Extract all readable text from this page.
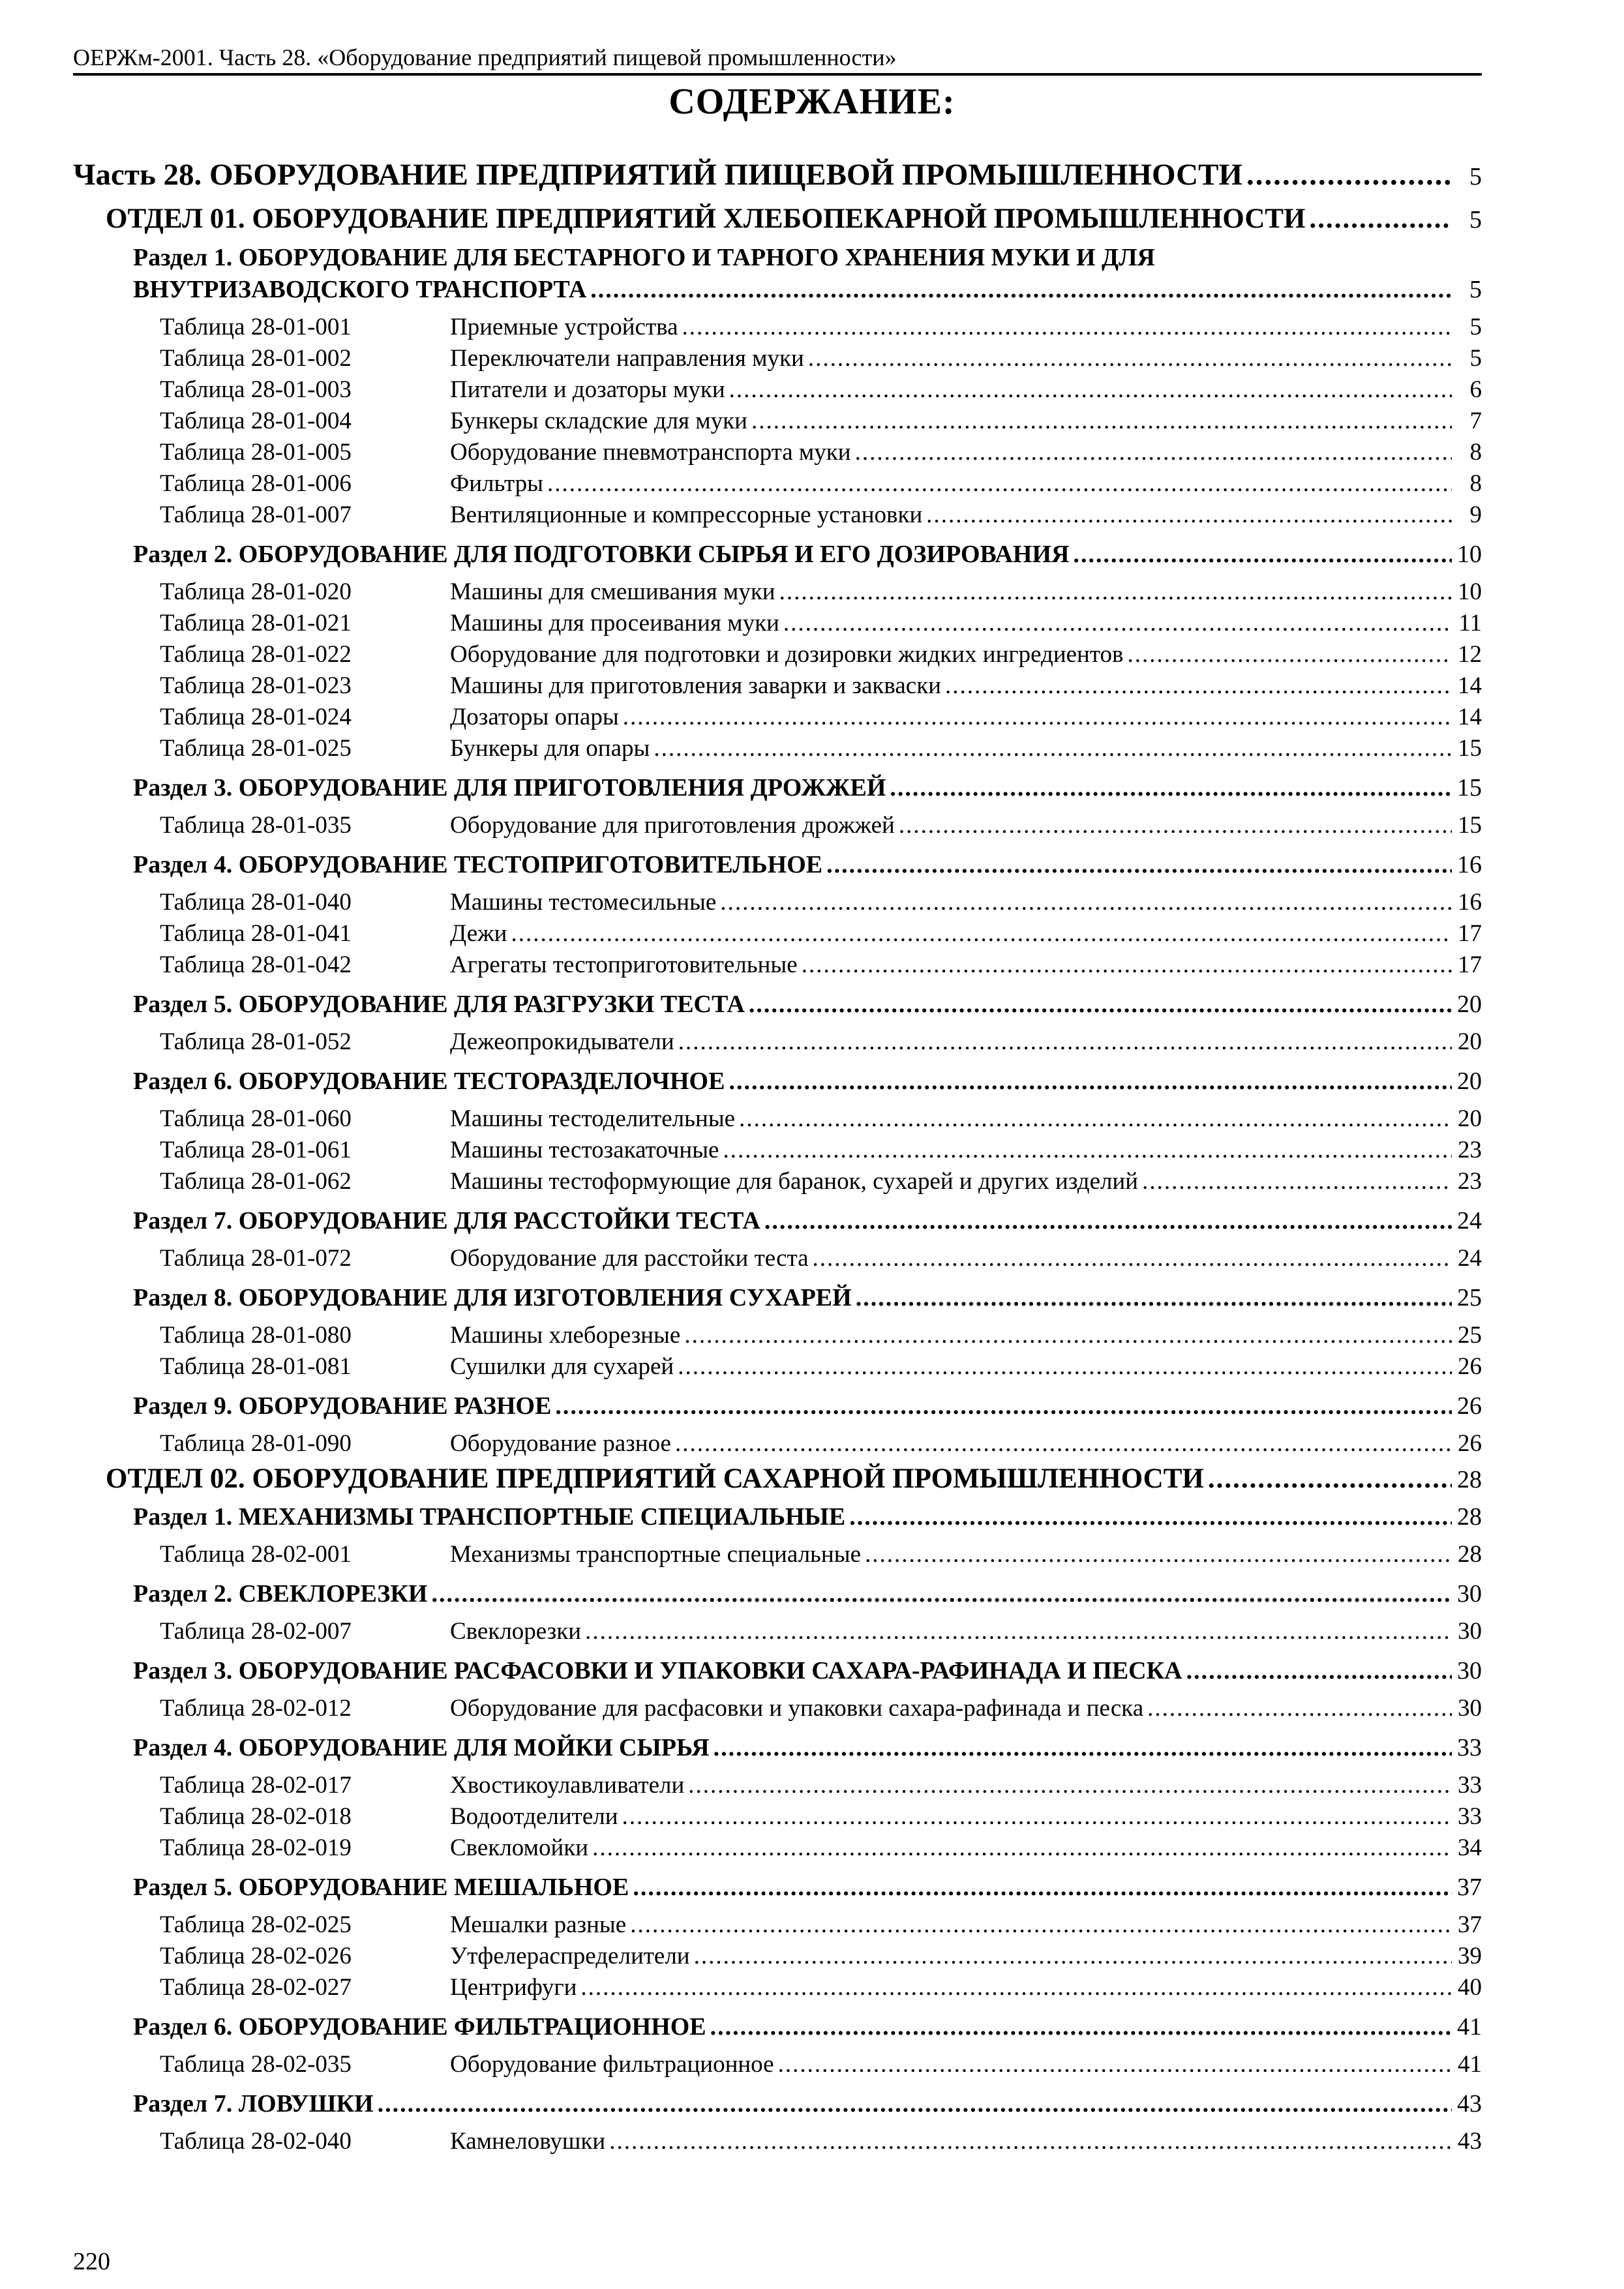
ОЕРЖм-2001. Часть 28. «Оборудование предприятий пищевой промышленности»
СОДЕРЖАНИЕ:
Часть 28. ОБОРУДОВАНИЕ ПРЕДПРИЯТИЙ ПИЩЕВОЙ ПРОМЫШЛЕННОСТИ .....	5
ОТДЕЛ 01. ОБОРУДОВАНИЕ ПРЕДПРИЯТИЙ ХЛЕБОПЕКАРНОЙ ПРОМЫШЛЕННОСТИ .....	5
Раздел 1. ОБОРУДОВАНИЕ ДЛЯ БЕСТАРНОГО И ТАРНОГО ХРАНЕНИЯ МУКИ И ДЛЯ
ВНУТРИЗАВОДСКОГО ТРАНСПОРТА .....	5
Таблица 28-01-001	Приемные устройства .....	5
Таблица 28-01-002	Переключатели направления муки .....	5
Таблица 28-01-003	Питатели и дозаторы муки .....	6
Таблица 28-01-004	Бункеры складские для муки .....	7
Таблица 28-01-005	Оборудование пневмотранспорта муки .....	8
Таблица 28-01-006	Фильтры .....	8
Таблица 28-01-007	Вентиляционные и компрессорные установки .....	9
Раздел 2. ОБОРУДОВАНИЕ ДЛЯ ПОДГОТОВКИ СЫРЬЯ И ЕГО ДОЗИРОВАНИЯ .....	10
Таблица 28-01-020	Машины для смешивания муки .....	10
Таблица 28-01-021	Машины для просеивания муки .....	11
Таблица 28-01-022	Оборудование для подготовки и дозировки жидких ингредиентов .....	12
Таблица 28-01-023	Машины для приготовления заварки и закваски .....	14
Таблица 28-01-024	Дозаторы опары .....	14
Таблица 28-01-025	Бункеры для опары .....	15
Раздел 3. ОБОРУДОВАНИЕ ДЛЯ ПРИГОТОВЛЕНИЯ ДРОЖЖЕЙ .....	15
Таблица 28-01-035	Оборудование для приготовления дрожжей .....	15
Раздел 4. ОБОРУДОВАНИЕ ТЕСТОПРИГОТОВИТЕЛЬНОЕ .....	16
Таблица 28-01-040	Машины тестомесильные .....	16
Таблица 28-01-041	Дежи .....	17
Таблица 28-01-042	Агрегаты тестоприготовительные .....	17
Раздел 5. ОБОРУДОВАНИЕ ДЛЯ РАЗГРУЗКИ ТЕСТА .....	20
Таблица 28-01-052	Дежеопрокидыватели .....	20
Раздел 6. ОБОРУДОВАНИЕ ТЕСТОРАЗДЕЛОЧНОЕ .....	20
Таблица 28-01-060	Машины тестоделительные .....	20
Таблица 28-01-061	Машины тестозакаточные .....	23
Таблица 28-01-062	Машины тестоформующие для баранок, сухарей и других изделий .....	23
Раздел 7. ОБОРУДОВАНИЕ ДЛЯ РАССТОЙКИ ТЕСТА .....	24
Таблица 28-01-072	Оборудование для расстойки теста .....	24
Раздел 8. ОБОРУДОВАНИЕ ДЛЯ ИЗГОТОВЛЕНИЯ СУХАРЕЙ .....	25
Таблица 28-01-080	Машины хлеборезные .....	25
Таблица 28-01-081	Сушилки для сухарей .....	26
Раздел 9. ОБОРУДОВАНИЕ РАЗНОЕ .....	26
Таблица 28-01-090	Оборудование разное .....	26
ОТДЕЛ 02. ОБОРУДОВАНИЕ ПРЕДПРИЯТИЙ САХАРНОЙ ПРОМЫШЛЕННОСТИ .....	28
Раздел 1. МЕХАНИЗМЫ ТРАНСПОРТНЫЕ СПЕЦИАЛЬНЫЕ .....	28
Таблица 28-02-001	Механизмы транспортные специальные .....	28
Раздел 2. СВЕКЛОРЕЗКИ .....	30
Таблица 28-02-007	Свеклорезки .....	30
Раздел 3. ОБОРУДОВАНИЕ РАСФАСОВКИ И УПАКОВКИ САХАРА-РАФИНАДА И ПЕСКА .....	30
Таблица 28-02-012	Оборудование для расфасовки и упаковки сахара-рафинада и песка .....	30
Раздел 4. ОБОРУДОВАНИЕ ДЛЯ МОЙКИ СЫРЬЯ .....	33
Таблица 28-02-017	Хвостикоулавливатели .....	33
Таблица 28-02-018	Водоотделители .....	33
Таблица 28-02-019	Свекломойки .....	34
Раздел 5. ОБОРУДОВАНИЕ МЕШАЛЬНОЕ .....	37
Таблица 28-02-025	Мешалки разные .....	37
Таблица 28-02-026	Утфелераспределители .....	39
Таблица 28-02-027	Центрифуги .....	40
Раздел 6. ОБОРУДОВАНИЕ ФИЛЬТРАЦИОННОЕ .....	41
Таблица 28-02-035	Оборудование фильтрационное .....	41
Раздел 7. ЛОВУШКИ .....	43
Таблица 28-02-040	Камнеловушки .....	43
220
